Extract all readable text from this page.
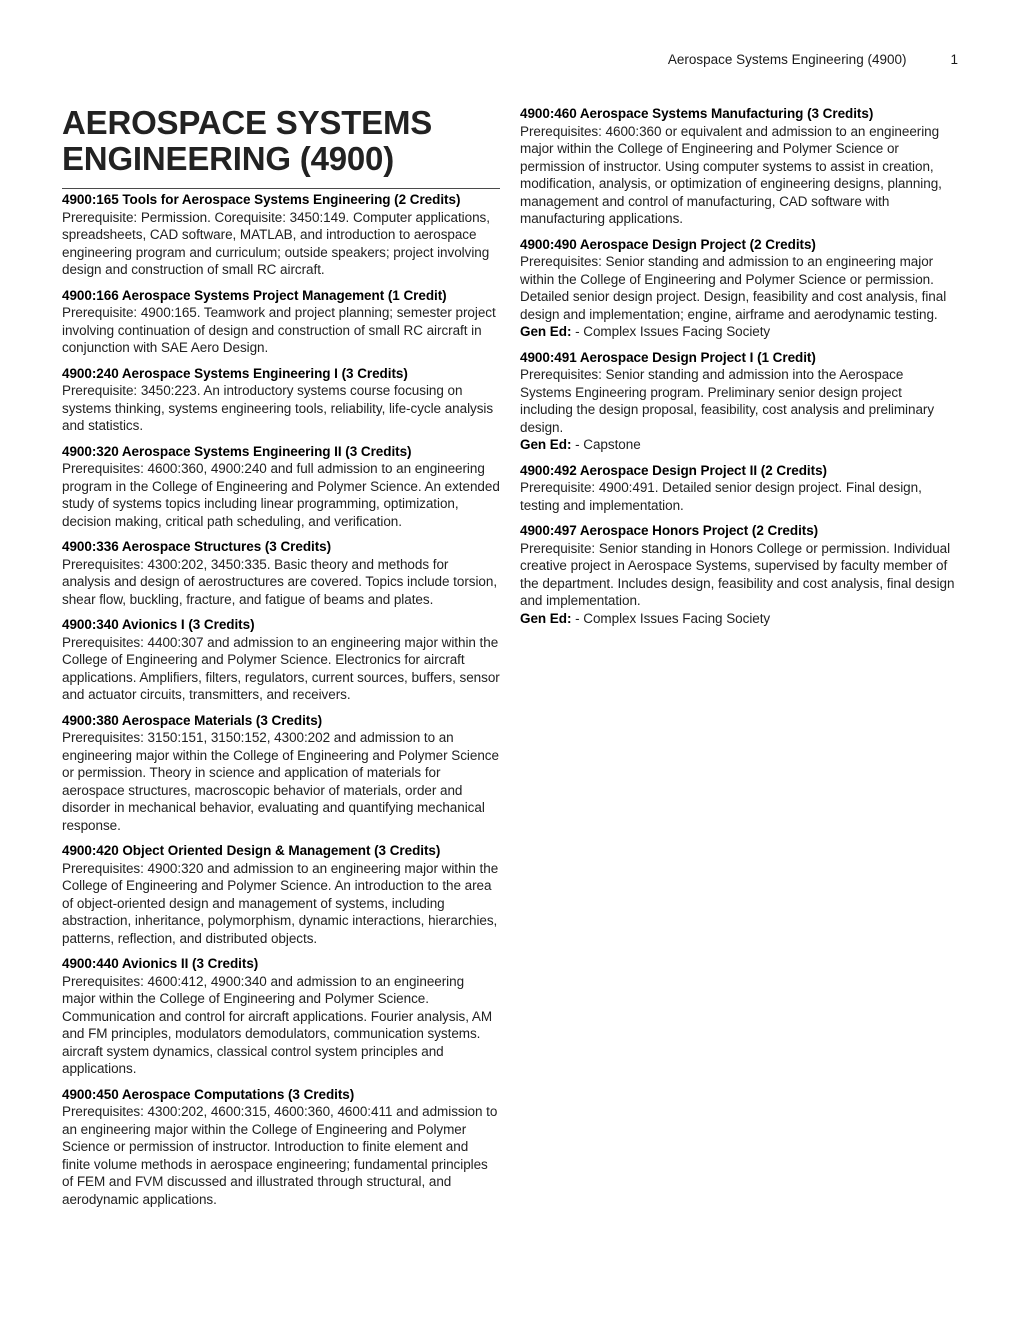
Aerospace Systems Engineering (4900)	1
AEROSPACE SYSTEMS ENGINEERING (4900)
4900:165 Tools for Aerospace Systems Engineering (2 Credits)

Prerequisite: Permission. Corequisite: 3450:149. Computer applications, spreadsheets, CAD software, MATLAB, and introduction to aerospace engineering program and curriculum; outside speakers; project involving design and construction of small RC aircraft.

4900:166 Aerospace Systems Project Management (1 Credit)

Prerequisite: 4900:165. Teamwork and project planning; semester project involving continuation of design and construction of small RC aircraft in conjunction with SAE Aero Design.

4900:240 Aerospace Systems Engineering I (3 Credits)

Prerequisite: 3450:223. An introductory systems course focusing on systems thinking, systems engineering tools, reliability, life-cycle analysis and statistics.

4900:320 Aerospace Systems Engineering II (3 Credits)

Prerequisites: 4600:360, 4900:240 and full admission to an engineering program in the College of Engineering and Polymer Science. An extended study of systems topics including linear programming, optimization, decision making, critical path scheduling, and verification.

4900:336 Aerospace Structures (3 Credits)

Prerequisites: 4300:202, 3450:335. Basic theory and methods for analysis and design of aerostructures are covered. Topics include torsion, shear flow, buckling, fracture, and fatigue of beams and plates.

4900:340 Avionics I (3 Credits)

Prerequisites: 4400:307 and admission to an engineering major within the College of Engineering and Polymer Science. Electronics for aircraft applications. Amplifiers, filters, regulators, current sources, buffers, sensor and actuator circuits, transmitters, and receivers.

4900:380 Aerospace Materials (3 Credits)

Prerequisites: 3150:151, 3150:152, 4300:202 and admission to an engineering major within the College of Engineering and Polymer Science or permission. Theory in science and application of materials for aerospace structures, macroscopic behavior of materials, order and disorder in mechanical behavior, evaluating and quantifying mechanical response.

4900:420 Object Oriented Design & Management (3 Credits)

Prerequisites: 4900:320 and admission to an engineering major within the College of Engineering and Polymer Science. An introduction to the area of object-oriented design and management of systems, including abstraction, inheritance, polymorphism, dynamic interactions, hierarchies, patterns, reflection, and distributed objects.

4900:440 Avionics II (3 Credits)

Prerequisites: 4600:412, 4900:340 and admission to an engineering major within the College of Engineering and Polymer Science. Communication and control for aircraft applications. Fourier analysis, AM and FM principles, modulators demodulators, communication systems. aircraft system dynamics, classical control system principles and applications.

4900:450 Aerospace Computations (3 Credits)

Prerequisites: 4300:202, 4600:315, 4600:360, 4600:411 and admission to an engineering major within the College of Engineering and Polymer Science or permission of instructor. Introduction to finite element and finite volume methods in aerospace engineering; fundamental principles of FEM and FVM discussed and illustrated through structural, and aerodynamic applications.

4900:460 Aerospace Systems Manufacturing (3 Credits)

Prerequisites: 4600:360 or equivalent and admission to an engineering major within the College of Engineering and Polymer Science or permission of instructor. Using computer systems to assist in creation, modification, analysis, or optimization of engineering designs, planning, management and control of manufacturing, CAD software with manufacturing applications.

4900:490 Aerospace Design Project (2 Credits)

Prerequisites: Senior standing and admission to an engineering major within the College of Engineering and Polymer Science or permission. Detailed senior design project. Design, feasibility and cost analysis, final design and implementation; engine, airframe and aerodynamic testing.

Gen Ed: - Complex Issues Facing Society

4900:491 Aerospace Design Project I (1 Credit)

Prerequisites: Senior standing and admission into the Aerospace Systems Engineering program. Preliminary senior design project including the design proposal, feasibility, cost analysis and preliminary design.

Gen Ed: - Capstone

4900:492 Aerospace Design Project II (2 Credits)

Prerequisite: 4900:491. Detailed senior design project. Final design, testing and implementation.

4900:497 Aerospace Honors Project (2 Credits)

Prerequisite: Senior standing in Honors College or permission. Individual creative project in Aerospace Systems, supervised by faculty member of the department. Includes design, feasibility and cost analysis, final design and implementation.

Gen Ed: - Complex Issues Facing Society
